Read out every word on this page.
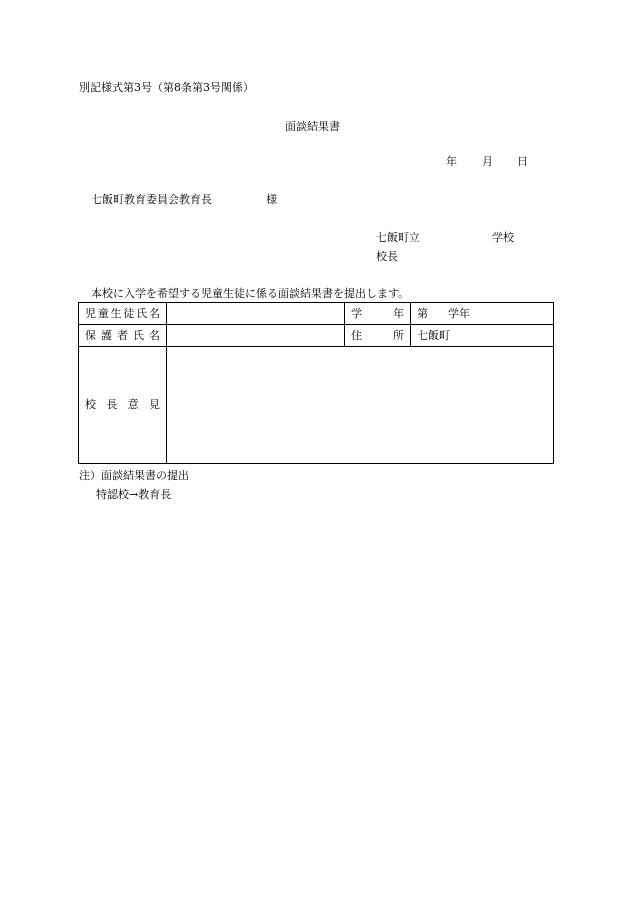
別記様式第3号（第8条第3号関係）
面談結果書
年 月 日
七飯町教育委員会教育長	様
七飯町立	学校
校長
本校に入学を希望する児童生徒に係る面談結果書を提出します。
児童生徒氏名		学 年	第 学年

保護者氏名		住 所	七飯町

校長意見			

注）面談結果書の提出
特認校→教育長
